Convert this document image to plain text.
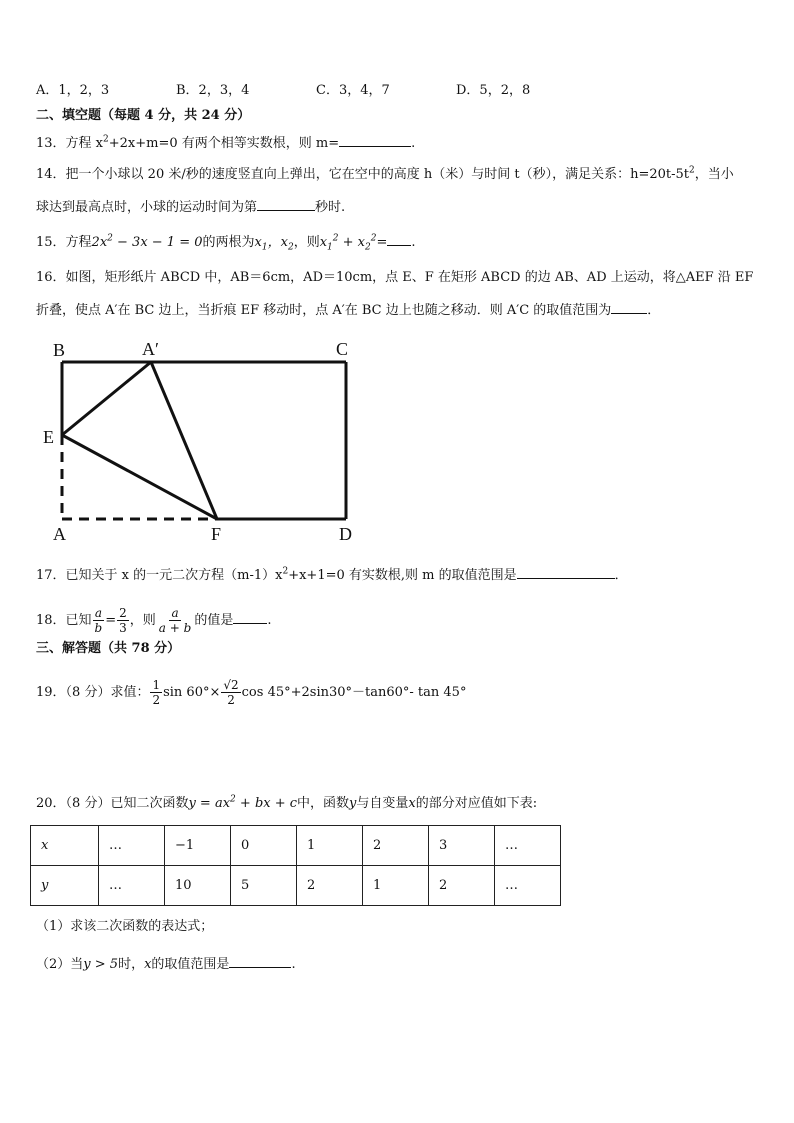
A．1，2，3	B．2，3，4	C．3，4，7	D．5，2，8
二、填空题（每题 4 分，共 24 分）
13．方程 $x^2+2x+m=0$ 有两个相等实数根，则 m=	.
14．把一个小球以 20 米/秒的速度竖直向上弹出，它在空中的高度 h（米）与时间 t（秒），满足关系：$h=20t-5t^2$，当小
球达到最高点时，小球的运动时间为第	秒时.
15．方程$2x^2 - 3x - 1 = 0$的两根为$x_1$，$x_2$，则$x_1^2 + x_2^2=$ .
16．如图，矩形纸片 ABCD 中，AB＝6cm，AD＝10cm，点 E、F 在矩形 ABCD 的边 AB、AD 上运动，将△AEF 沿 EF
折叠，使点 A′在 BC 边上，当折痕 EF 移动时，点 A′在 BC 边上也随之移动．则 A′C 的取值范围为	．
B	A′	C
E
A	F	D
17．已知关于 x 的一元二次方程$(m-1)x^2+x+1=0$ 有实数根,则 m 的取值范围是	．
18．已知 $\frac{a}{b} = \frac{2}{3}$ ，则 $\frac{a}{a + b}$ 的值是	.
三、解答题（共 78 分）
19．（8 分）求值： $\frac{1}{2}$ $\sin 60^\circ\times \frac{√2}{2}$ cos 45°+2sin30°－tan60°- tan 45°
20．（8 分）已知二次函数$y = ax^2$ + bx + c中，函数y与自变量x的部分对应值如下表:
x	…	−1	0	1	2	3	…
y	…	10	5	2	1	2	…
（1）求该二次函数的表达式；
（2）当y > 5时，x的取值范围是	.
